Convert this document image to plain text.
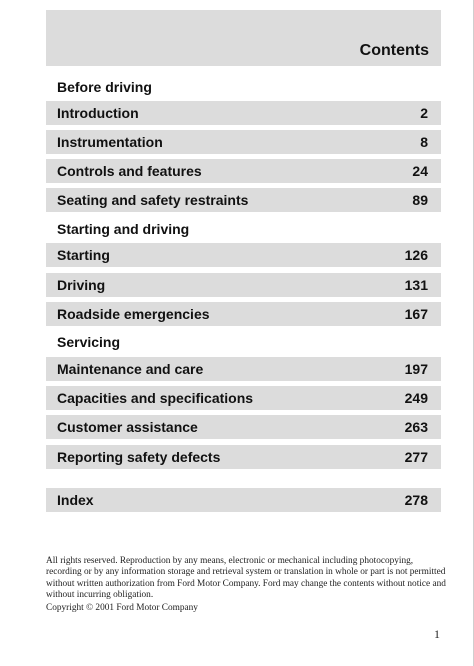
Contents
Before driving
Introduction	2
Instrumentation	8
Controls and features	24
Seating and safety restraints	89
Starting and driving
Starting	126
Driving	131
Roadside emergencies	167
Servicing
Maintenance and care	197
Capacities and specifications	249
Customer assistance	263
Reporting safety defects	277
Index	278
All rights reserved. Reproduction by any means, electronic or mechanical including photocopying, recording or by any information storage and retrieval system or translation in whole or part is not permitted without written authorization from Ford Motor Company. Ford may change the contents without notice and without incurring obligation.
Copyright © 2001 Ford Motor Company
1
